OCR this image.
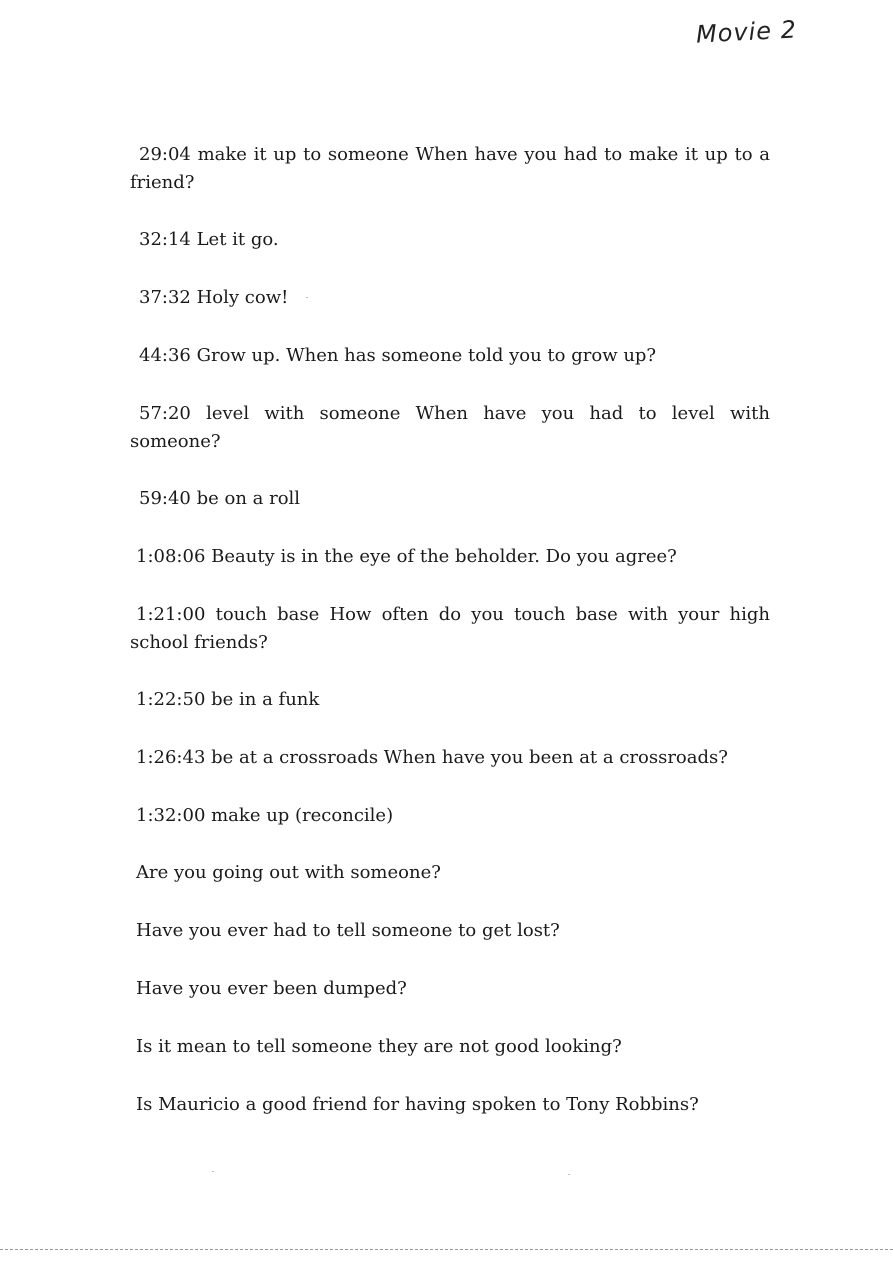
Movie 2
29:04 make it up to someone When have you had to make it up to a friend?
32:14 Let it go.
37:32 Holy cow!
44:36 Grow up. When has someone told you to grow up?
57:20 level with someone When have you had to level with someone?
59:40 be on a roll
1:08:06 Beauty is in the eye of the beholder. Do you agree?
1:21:00 touch base How often do you touch base with your high school friends?
1:22:50 be in a funk
1:26:43 be at a crossroads When have you been at a crossroads?
1:32:00 make up (reconcile)
Are you going out with someone?
Have you ever had to tell someone to get lost?
Have you ever been dumped?
Is it mean to tell someone they are not good looking?
Is Mauricio a good friend for having spoken to Tony Robbins?
